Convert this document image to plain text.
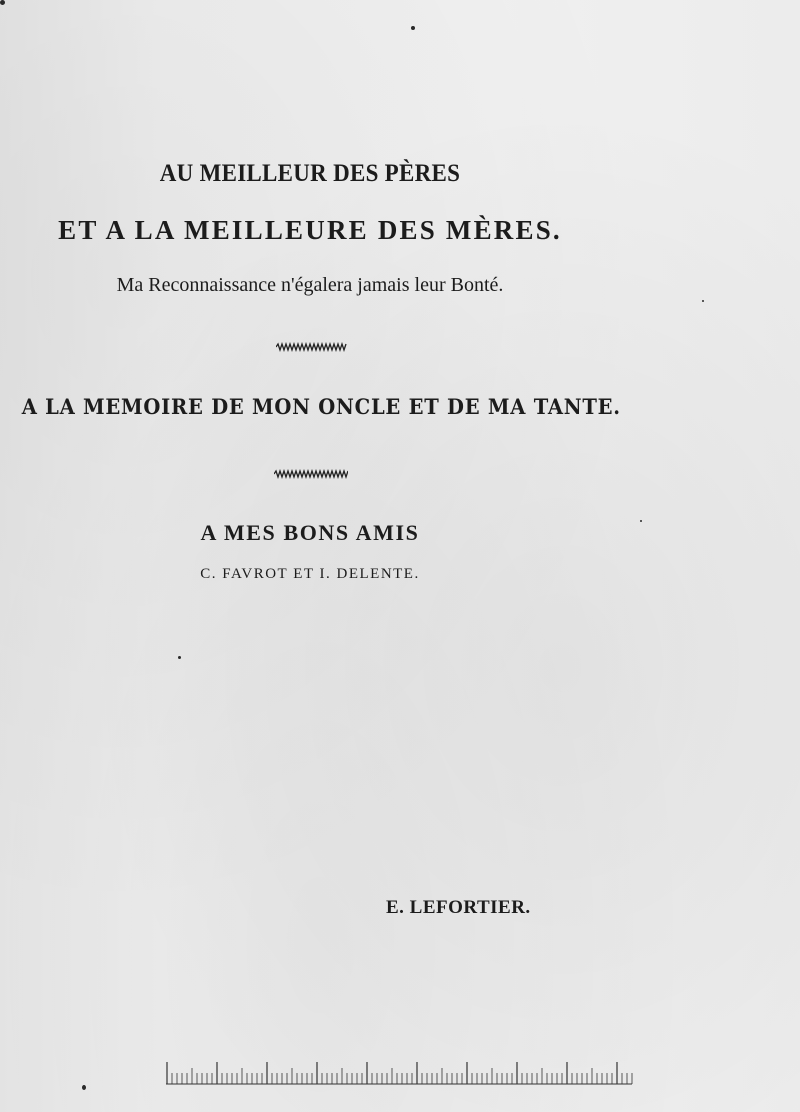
AU MEILLEUR DES PÈRES

ET A LA MEILLEURE DES MÈRES.

Ma Reconnaissance n'égalera jamais leur Bonté.

A LA MEMOIRE DE MON ONCLE ET DE MA TANTE.

A MES BONS AMIS

C. FAVROT ET I. DELENTE.

E. LEFORTIER.
